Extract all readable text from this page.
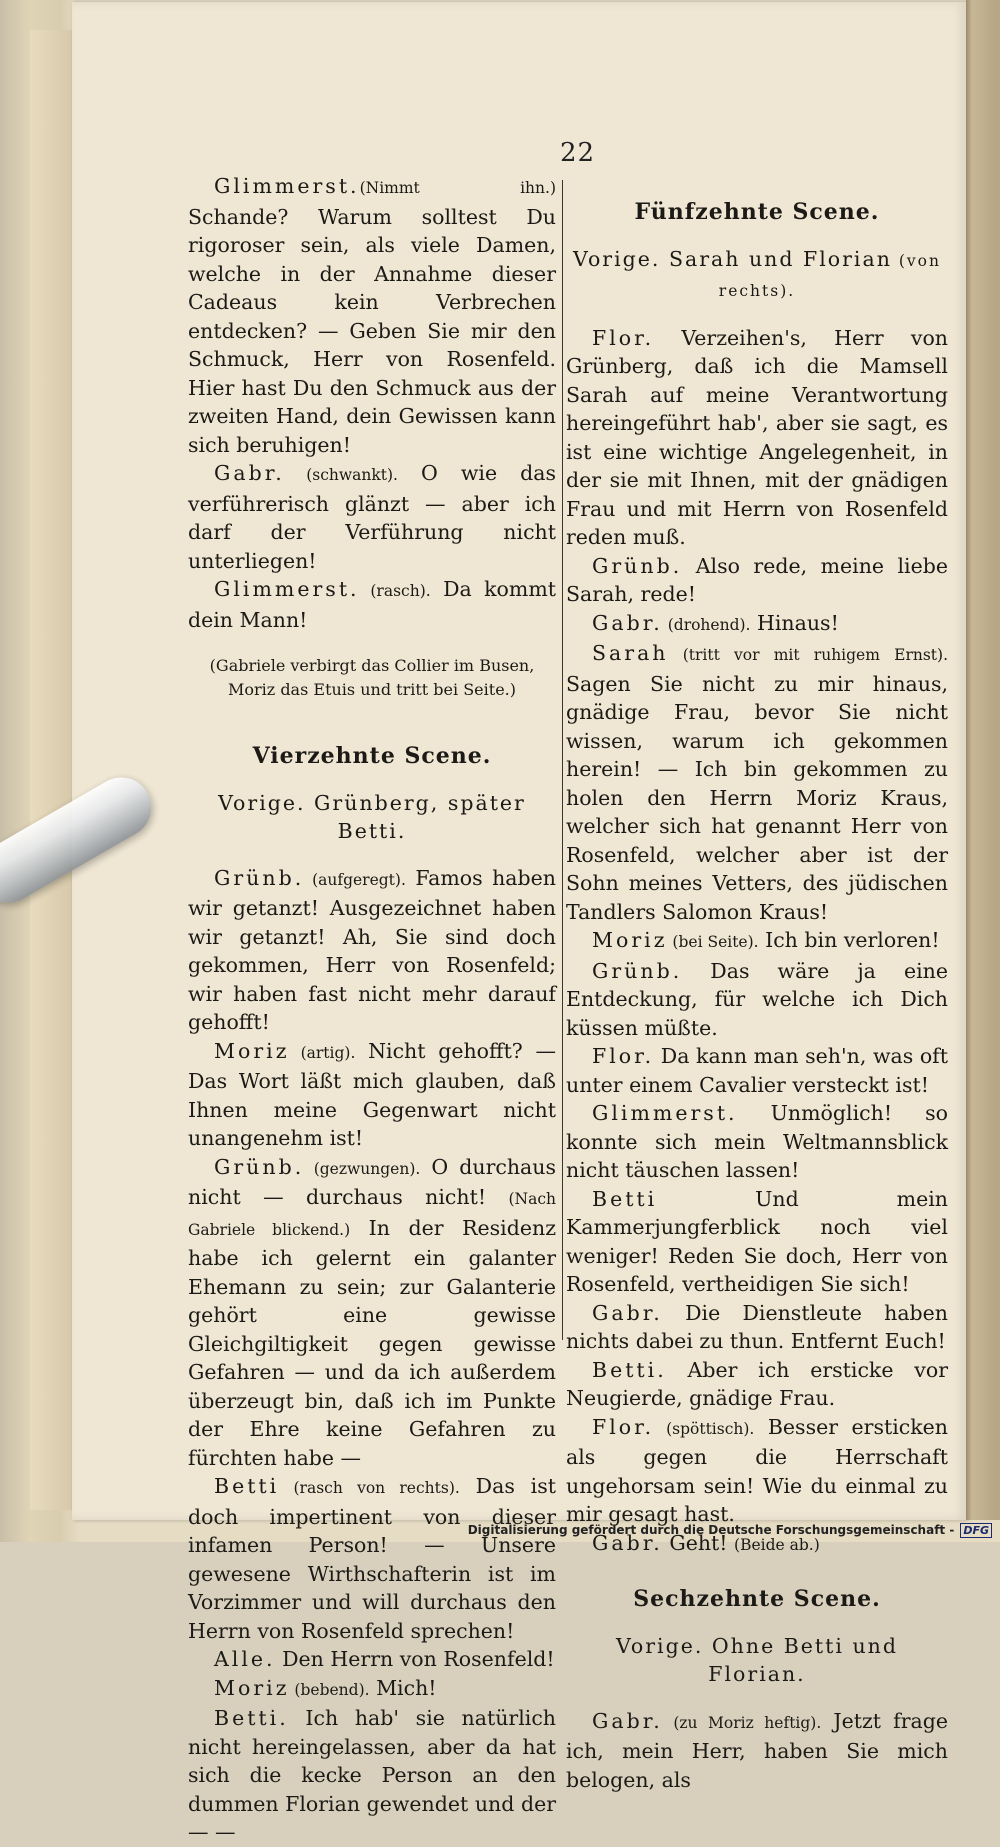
22

Glimmerst.(Nimmt ihn.) Schande? Warum solltest Du rigoroser sein, als viele Damen, welche in der Annahme dieser Cadeaus kein Verbrechen entdecken? — Geben Sie mir den Schmuck, Herr von Rosenfeld. Hier hast Du den Schmuck aus der zweiten Hand, dein Gewissen kann sich beruhigen!

Gabr. (schwankt). O wie das verführerisch glänzt — aber ich darf der Verführung nicht unterliegen!

Glimmerst. (rasch). Da kommt dein Mann!

(Gabriele verbirgt das Collier im Busen, Moriz das Etuis und tritt bei Seite.)

Vierzehnte Scene.

Vorige. Grünberg, später Betti.

Grünb. (aufgeregt). Famos haben wir getanzt! Ausgezeichnet haben wir getanzt! Ah, Sie sind doch gekommen, Herr von Rosenfeld; wir haben fast nicht mehr darauf gehofft!

Moriz (artig). Nicht gehofft? — Das Wort läßt mich glauben, daß Ihnen meine Gegenwart nicht unangenehm ist!

Grünb. (gezwungen). O durchaus nicht — durchaus nicht! (Nach Gabriele blickend.) In der Residenz habe ich gelernt ein galanter Ehemann zu sein; zur Galanterie gehört eine gewisse Gleichgiltigkeit gegen gewisse Gefahren — und da ich außerdem überzeugt bin, daß ich im Punkte der Ehre keine Gefahren zu fürchten habe —

Betti (rasch von rechts). Das ist doch impertinent von dieser infamen Person! — Unsere gewesene Wirthschafterin ist im Vorzimmer und will durchaus den Herrn von Rosenfeld sprechen!

Alle. Den Herrn von Rosenfeld!

Moriz (bebend). Mich!

Betti. Ich hab' sie natürlich nicht hereingelassen, aber da hat sich die kecke Person an den dummen Florian gewendet und der — —

Fünfzehnte Scene.

Vorige. Sarah und Florian (von rechts).

Flor. Verzeihen's, Herr von Grünberg, daß ich die Mamsell Sarah auf meine Verantwortung hereingeführt hab', aber sie sagt, es ist eine wichtige Angelegenheit, in der sie mit Ihnen, mit der gnädigen Frau und mit Herrn von Rosenfeld reden muß.

Grünb. Also rede, meine liebe Sarah, rede!

Gabr. (drohend). Hinaus!

Sarah (tritt vor mit ruhigem Ernst). Sagen Sie nicht zu mir hinaus, gnädige Frau, bevor Sie nicht wissen, warum ich gekommen herein! — Ich bin gekommen zu holen den Herrn Moriz Kraus, welcher sich hat genannt Herr von Rosenfeld, welcher aber ist der Sohn meines Vetters, des jüdischen Tandlers Salomon Kraus!

Moriz (bei Seite). Ich bin verloren!

Grünb. Das wäre ja eine Entdeckung, für welche ich Dich küssen müßte.

Flor. Da kann man seh'n, was oft unter einem Cavalier versteckt ist!

Glimmerst. Unmöglich! so konnte sich mein Weltmannsblick nicht täuschen lassen!

Betti Und mein Kammerjungferblick noch viel weniger! Reden Sie doch, Herr von Rosenfeld, vertheidigen Sie sich!

Gabr. Die Dienstleute haben nichts dabei zu thun. Entfernt Euch!

Betti. Aber ich ersticke vor Neugierde, gnädige Frau.

Flor. (spöttisch). Besser ersticken als gegen die Herrschaft ungehorsam sein! Wie du einmal zu mir gesagt hast.

Gabr. Geht! (Beide ab.)

Sechzehnte Scene.

Vorige. Ohne Betti und Florian.

Gabr. (zu Moriz heftig). Jetzt frage ich, mein Herr, haben Sie mich belogen, als

Digitalisierung gefördert durch die Deutsche Forschungsgemeinschaft - DFG
